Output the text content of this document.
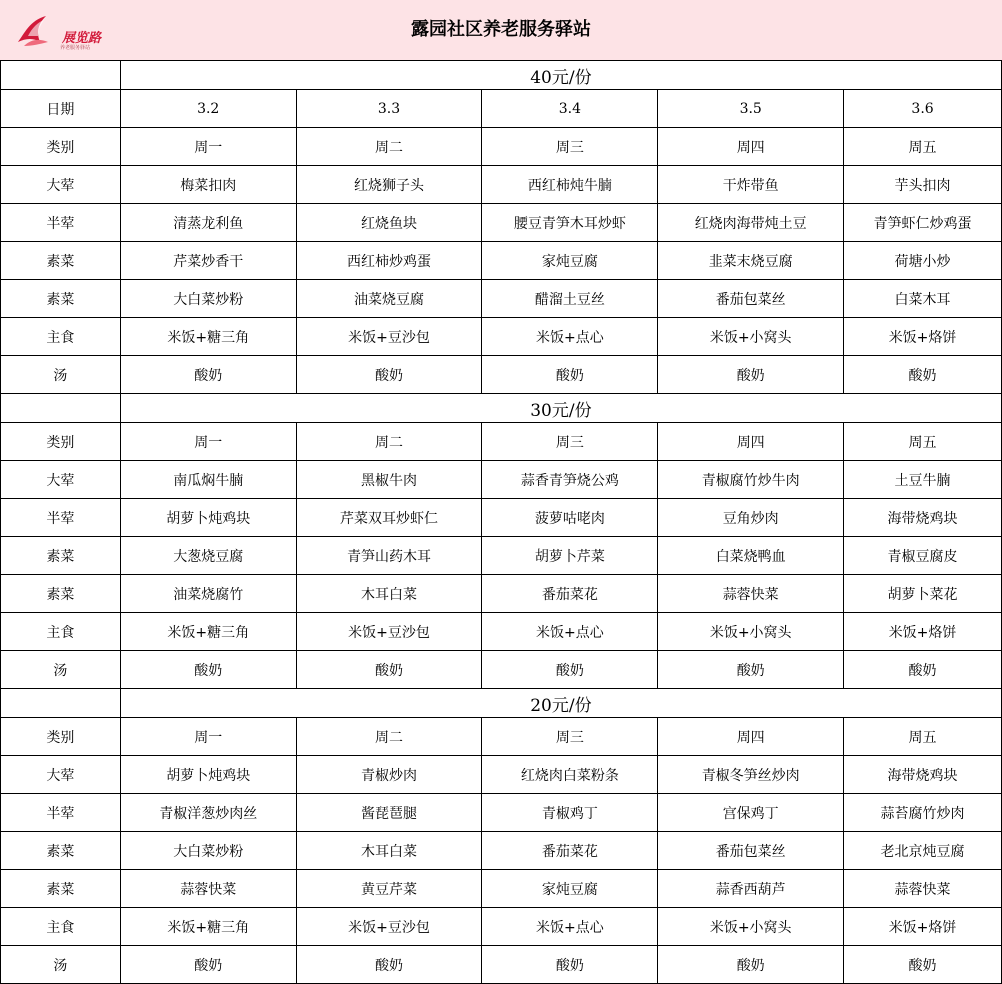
展览路
养老服务驿站
露园社区养老服务驿站
	40元/份				
日期	3.2	3.3	3.4	3.5	3.6
类别	周一	周二	周三	周四	周五
大荤	梅菜扣肉	红烧狮子头	西红柿炖牛腩	干炸带鱼	芋头扣肉
半荤	清蒸龙利鱼	红烧鱼块	腰豆青笋木耳炒虾	红烧肉海带炖土豆	青笋虾仁炒鸡蛋
素菜	芹菜炒香干	西红柿炒鸡蛋	家炖豆腐	韭菜末烧豆腐	荷塘小炒
素菜	大白菜炒粉	油菜烧豆腐	醋溜土豆丝	番茄包菜丝	白菜木耳
主食	米饭+糖三角	米饭+豆沙包	米饭+点心	米饭+小窝头	米饭+烙饼
汤	酸奶	酸奶	酸奶	酸奶	酸奶
	30元/份				
类别	周一	周二	周三	周四	周五
大荤	南瓜焖牛腩	黑椒牛肉	蒜香青笋烧公鸡	青椒腐竹炒牛肉	土豆牛腩
半荤	胡萝卜炖鸡块	芹菜双耳炒虾仁	菠萝咕咾肉	豆角炒肉	海带烧鸡块
素菜	大葱烧豆腐	青笋山药木耳	胡萝卜芹菜	白菜烧鸭血	青椒豆腐皮
素菜	油菜烧腐竹	木耳白菜	番茄菜花	蒜蓉快菜	胡萝卜菜花
主食	米饭+糖三角	米饭+豆沙包	米饭+点心	米饭+小窝头	米饭+烙饼
汤	酸奶	酸奶	酸奶	酸奶	酸奶
	20元/份				
类别	周一	周二	周三	周四	周五
大荤	胡萝卜炖鸡块	青椒炒肉	红烧肉白菜粉条	青椒冬笋丝炒肉	海带烧鸡块
半荤	青椒洋葱炒肉丝	酱琵琶腿	青椒鸡丁	宫保鸡丁	蒜苔腐竹炒肉
素菜	大白菜炒粉	木耳白菜	番茄菜花	番茄包菜丝	老北京炖豆腐
素菜	蒜蓉快菜	黄豆芹菜	家炖豆腐	蒜香西葫芦	蒜蓉快菜
主食	米饭+糖三角	米饭+豆沙包	米饭+点心	米饭+小窝头	米饭+烙饼
汤	酸奶	酸奶	酸奶	酸奶	酸奶
